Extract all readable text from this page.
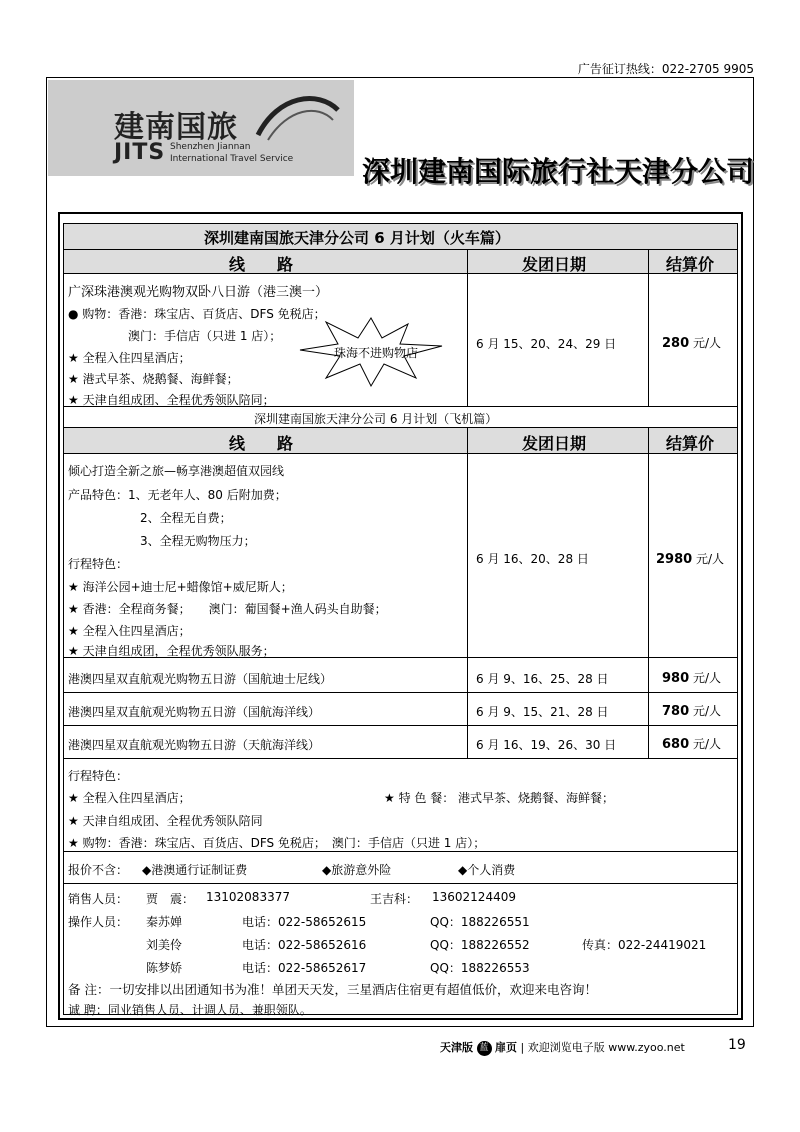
广告征订热线：022-2705 9905
建南国旅
JITS Shenzhen Jiannan
International Travel Service 深圳建南国际旅行社天津分公司
深圳建南国旅天津分公司 6 月计划（火车篇）
线　　路	发团日期	结算价
广深珠港澳观光购物双卧八日游（港三澳一）
● 购物：香港：珠宝店、百货店、DFS 免税店；
澳门：手信店（只进 1 店）；
★ 全程入住四星酒店；
★ 港式早茶、烧鹅餐、海鲜餐；
★ 天津自组成团、全程优秀领队陪同；
6 月 15、20、24、29 日	280 元/人
深圳建南国旅天津分公司 6 月计划（飞机篇）
线　　路	发团日期	结算价
倾心打造全新之旅—畅享港澳超值双园线
产品特色：1、无老年人、80 后附加费；
2、全程无自费；
3、全程无购物压力；
行程特色：
★ 海洋公园+迪士尼+蜡像馆+威尼斯人；
★ 香港：全程商务餐；　　澳门：葡国餐+渔人码头自助餐；
★ 全程入住四星酒店；
★ 天津自组成团，全程优秀领队服务；
6 月 16、20、28 日	2980 元/人
港澳四星双直航观光购物五日游（国航迪士尼线）	6 月 9、16、25、28 日	980 元/人
港澳四星双直航观光购物五日游（国航海洋线）	6 月 9、15、21、28 日	780 元/人
港澳四星双直航观光购物五日游（天航海洋线）	6 月 16、19、26、30 日	680 元/人
行程特色：
★ 全程入住四星酒店；	★ 特 色 餐： 港式早茶、烧鹅餐、海鲜餐；
★ 天津自组成团、全程优秀领队陪同
★ 购物：香港：珠宝店、百货店、DFS 免税店；　澳门：手信店（只进 1 店）；
报价不含： ◆港澳通行证制证费	◆旅游意外险	◆个人消费
销售人员： 贾　震： 13102083377	王吉科： 13602124409
操作人员： 秦苏婵	电话：022-58652615	QQ：188226551
刘美伶	电话：022-58652616	QQ：188226552	传真：022-24419021
陈梦娇	电话：022-58652617	QQ：188226553
备 注：一切安排以出团通知书为准！单团天天发，三星酒店住宿更有超值低价，欢迎来电咨询！
诚 聘：同业销售人员、计调人员、兼职领队。
珠海不进购物店
天津版 蓝 扉页 | 欢迎浏览电子版 www.zyoo.net	19
